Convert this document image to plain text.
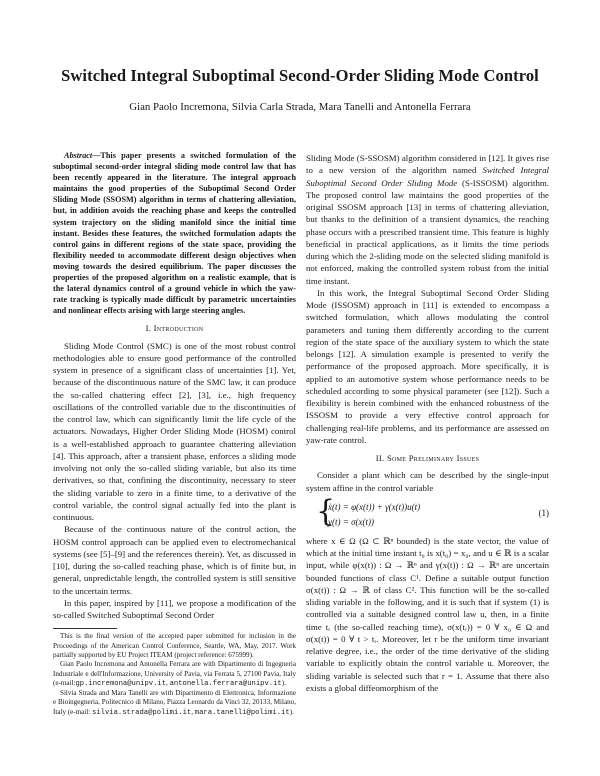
Switched Integral Suboptimal Second-Order Sliding Mode Control
Gian Paolo Incremona, Silvia Carla Strada, Mara Tanelli and Antonella Ferrara

Abstract—This paper presents a switched formulation of the suboptimal second-order integral sliding mode control law that has been recently appeared in the literature. The integral approach maintains the good properties of the Suboptimal Second Order Sliding Mode (SSOSM) algorithm in terms of chattering alleviation, but, in addition avoids the reaching phase and keeps the controlled system trajectory on the sliding manifold since the initial time instant. Besides these features, the switched formulation adapts the control gains in different regions of the state space, providing the flexibility needed to accommodate different design objectives when moving towards the desired equilibrium. The paper discusses the properties of the proposed algorithm on a realistic example, that is the lateral dynamics control of a ground vehicle in which the yaw-rate tracking is typically made difficult by parametric uncertainties and nonlinear effects arising with large steering angles.

I. Introduction

Sliding Mode Control (SMC) is one of the most robust control methodologies able to ensure good performance of the controlled system in presence of a significant class of uncertainties [1]. Yet, because of the discontinuous nature of the SMC law, it can produce the so-called chattering effect [2], [3], i.e., high frequency oscillations of the controlled variable due to the discontinuities of the control law, which can significantly limit the life cycle of the actuators. Nowadays, Higher Order Sliding Mode (HOSM) control is a well-established approach to guarantee chattering alleviation [4]. This approach, after a transient phase, enforces a sliding mode involving not only the so-called sliding variable, but also its time derivatives, so that, confining the discontinuity, necessary to steer the sliding variable to zero in a finite time, to a derivative of the control variable, the control signal actually fed into the plant is continuous.

Because of the continuous nature of the control action, the HOSM control approach can be applied even to electromechanical systems (see [5]–[9] and the references therein). Yet, as discussed in [10], during the so-called reaching phase, which is of finite but, in general, unpredictable length, the controlled system is still sensitive to the uncertain terms.

In this paper, inspired by [11], we propose a modification of the so-called Switched Suboptimal Second Order

This is the final version of the accepted paper submitted for inclusion in the Proceedings of the American Control Conference, Seattle, WA, May, 2017. Work partially supported by EU Project ITEAM (project reference: 675999).

Gian Paolo Incremona and Antonella Ferrara are with Dipartimento di Ingegneria Industriale e dell'Informazione, University of Pavia, via Ferrata 5, 27100 Pavia, Italy (e-mail:gp.incremona@unipv.it, antonella.ferrara@unipv.it).

Silvia Strada and Mara Tanelli are with Dipartimento di Elettronica, Informazione e Bioingegneria, Politecnico di Milano, Piazza Leonardo da Vinci 32, 20133, Milano, Italy (e-mail: silvia.strada@polimi.it, mara.tanelli@polimi.it).

Sliding Mode (S-SSOSM) algorithm considered in [12]. It gives rise to a new version of the algorithm named Switched Integral Suboptimal Second Order Sliding Mode (S-ISSOSM) algorithm. The proposed control law maintains the good properties of the original SSOSM approach [13] in terms of chattering alleviation, but thanks to the definition of a transient dynamics, the reaching phase occurs with a prescribed transient time. This feature is highly beneficial in practical applications, as it limits the time periods during which the 2-sliding mode on the selected sliding manifold is not enforced, making the controlled system robust from the initial time instant.

In this work, the Integral Suboptimal Second Order Sliding Mode (ISSOSM) approach in [11] is extended to encompass a switched formulation, which allows modulating the control parameters and tuning them differently according to the current region of the state space of the auxiliary system to which the state belongs [12]. A simulation example is presented to verify the performance of the proposed approach. More specifically, it is applied to an automotive system whose performance needs to be scheduled according to some physical parameter (see [12]). Such a flexibility is herein combined with the enhanced robustness of the ISSOSM to provide a very effective control approach for challenging real-life problems, and its performance are assessed on yaw-rate control.

II. Some Preliminary Issues

Consider a plant which can be described by the single-input system affine in the control variable

{
ẋ(t) = φ(x(t)) + γ(x(t))u(t)
y(t) = σ(x(t))
(1)

where x ∈ Ω (Ω ⊂ ℝⁿ bounded) is the state vector, the value of which at the initial time instant t₀ is x(t₀) = x₀, and u ∈ ℝ is a scalar input, while φ(x(t)) : Ω → ℝⁿ and γ(x(t)) : Ω → ℝⁿ are uncertain bounded functions of class C¹. Define a suitable output function σ(x(t)) : Ω → ℝ of class C². This function will be the so-called sliding variable in the following, and it is such that if system (1) is controlled via a suitable designed control law u, then, in a finite time tᵣ (the so-called reaching time), σ(x(tᵣ)) = 0 ∀ x₀ ∈ Ω and σ(x(t)) = 0 ∀ t > tᵣ. Moreover, let r be the uniform time invariant relative degree, i.e., the order of the time derivative of the sliding variable to explicitly obtain the control variable u. Moreover, the sliding variable is selected such that r = 1. Assume that there also exists a global diffeomorphism of the
